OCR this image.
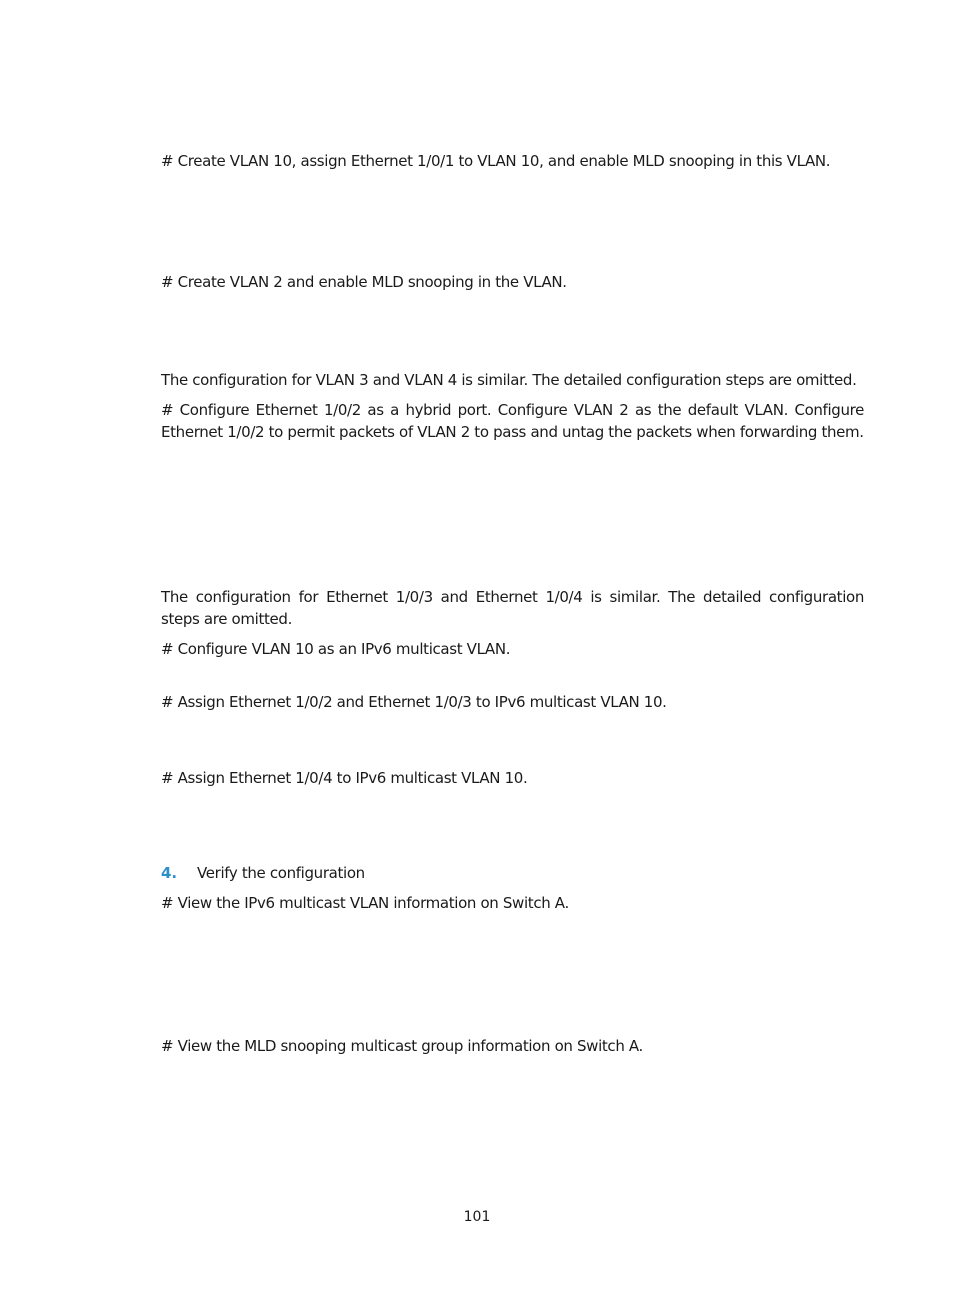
# Create VLAN 10, assign Ethernet 1/0/1 to VLAN 10, and enable MLD snooping in this VLAN.
# Create VLAN 2 and enable MLD snooping in the VLAN.
The configuration for VLAN 3 and VLAN 4 is similar. The detailed configuration steps are omitted.
# Configure Ethernet 1/0/2 as a hybrid port. Configure VLAN 2 as the default VLAN. Configure Ethernet 1/0/2 to permit packets of VLAN 2 to pass and untag the packets when forwarding them.
The configuration for Ethernet 1/0/3 and Ethernet 1/0/4 is similar. The detailed configuration steps are omitted.
# Configure VLAN 10 as an IPv6 multicast VLAN.
# Assign Ethernet 1/0/2 and Ethernet 1/0/3 to IPv6 multicast VLAN 10.
# Assign Ethernet 1/0/4 to IPv6 multicast VLAN 10.
4. Verify the configuration
# View the IPv6 multicast VLAN information on Switch A.
# View the MLD snooping multicast group information on Switch A.
101
